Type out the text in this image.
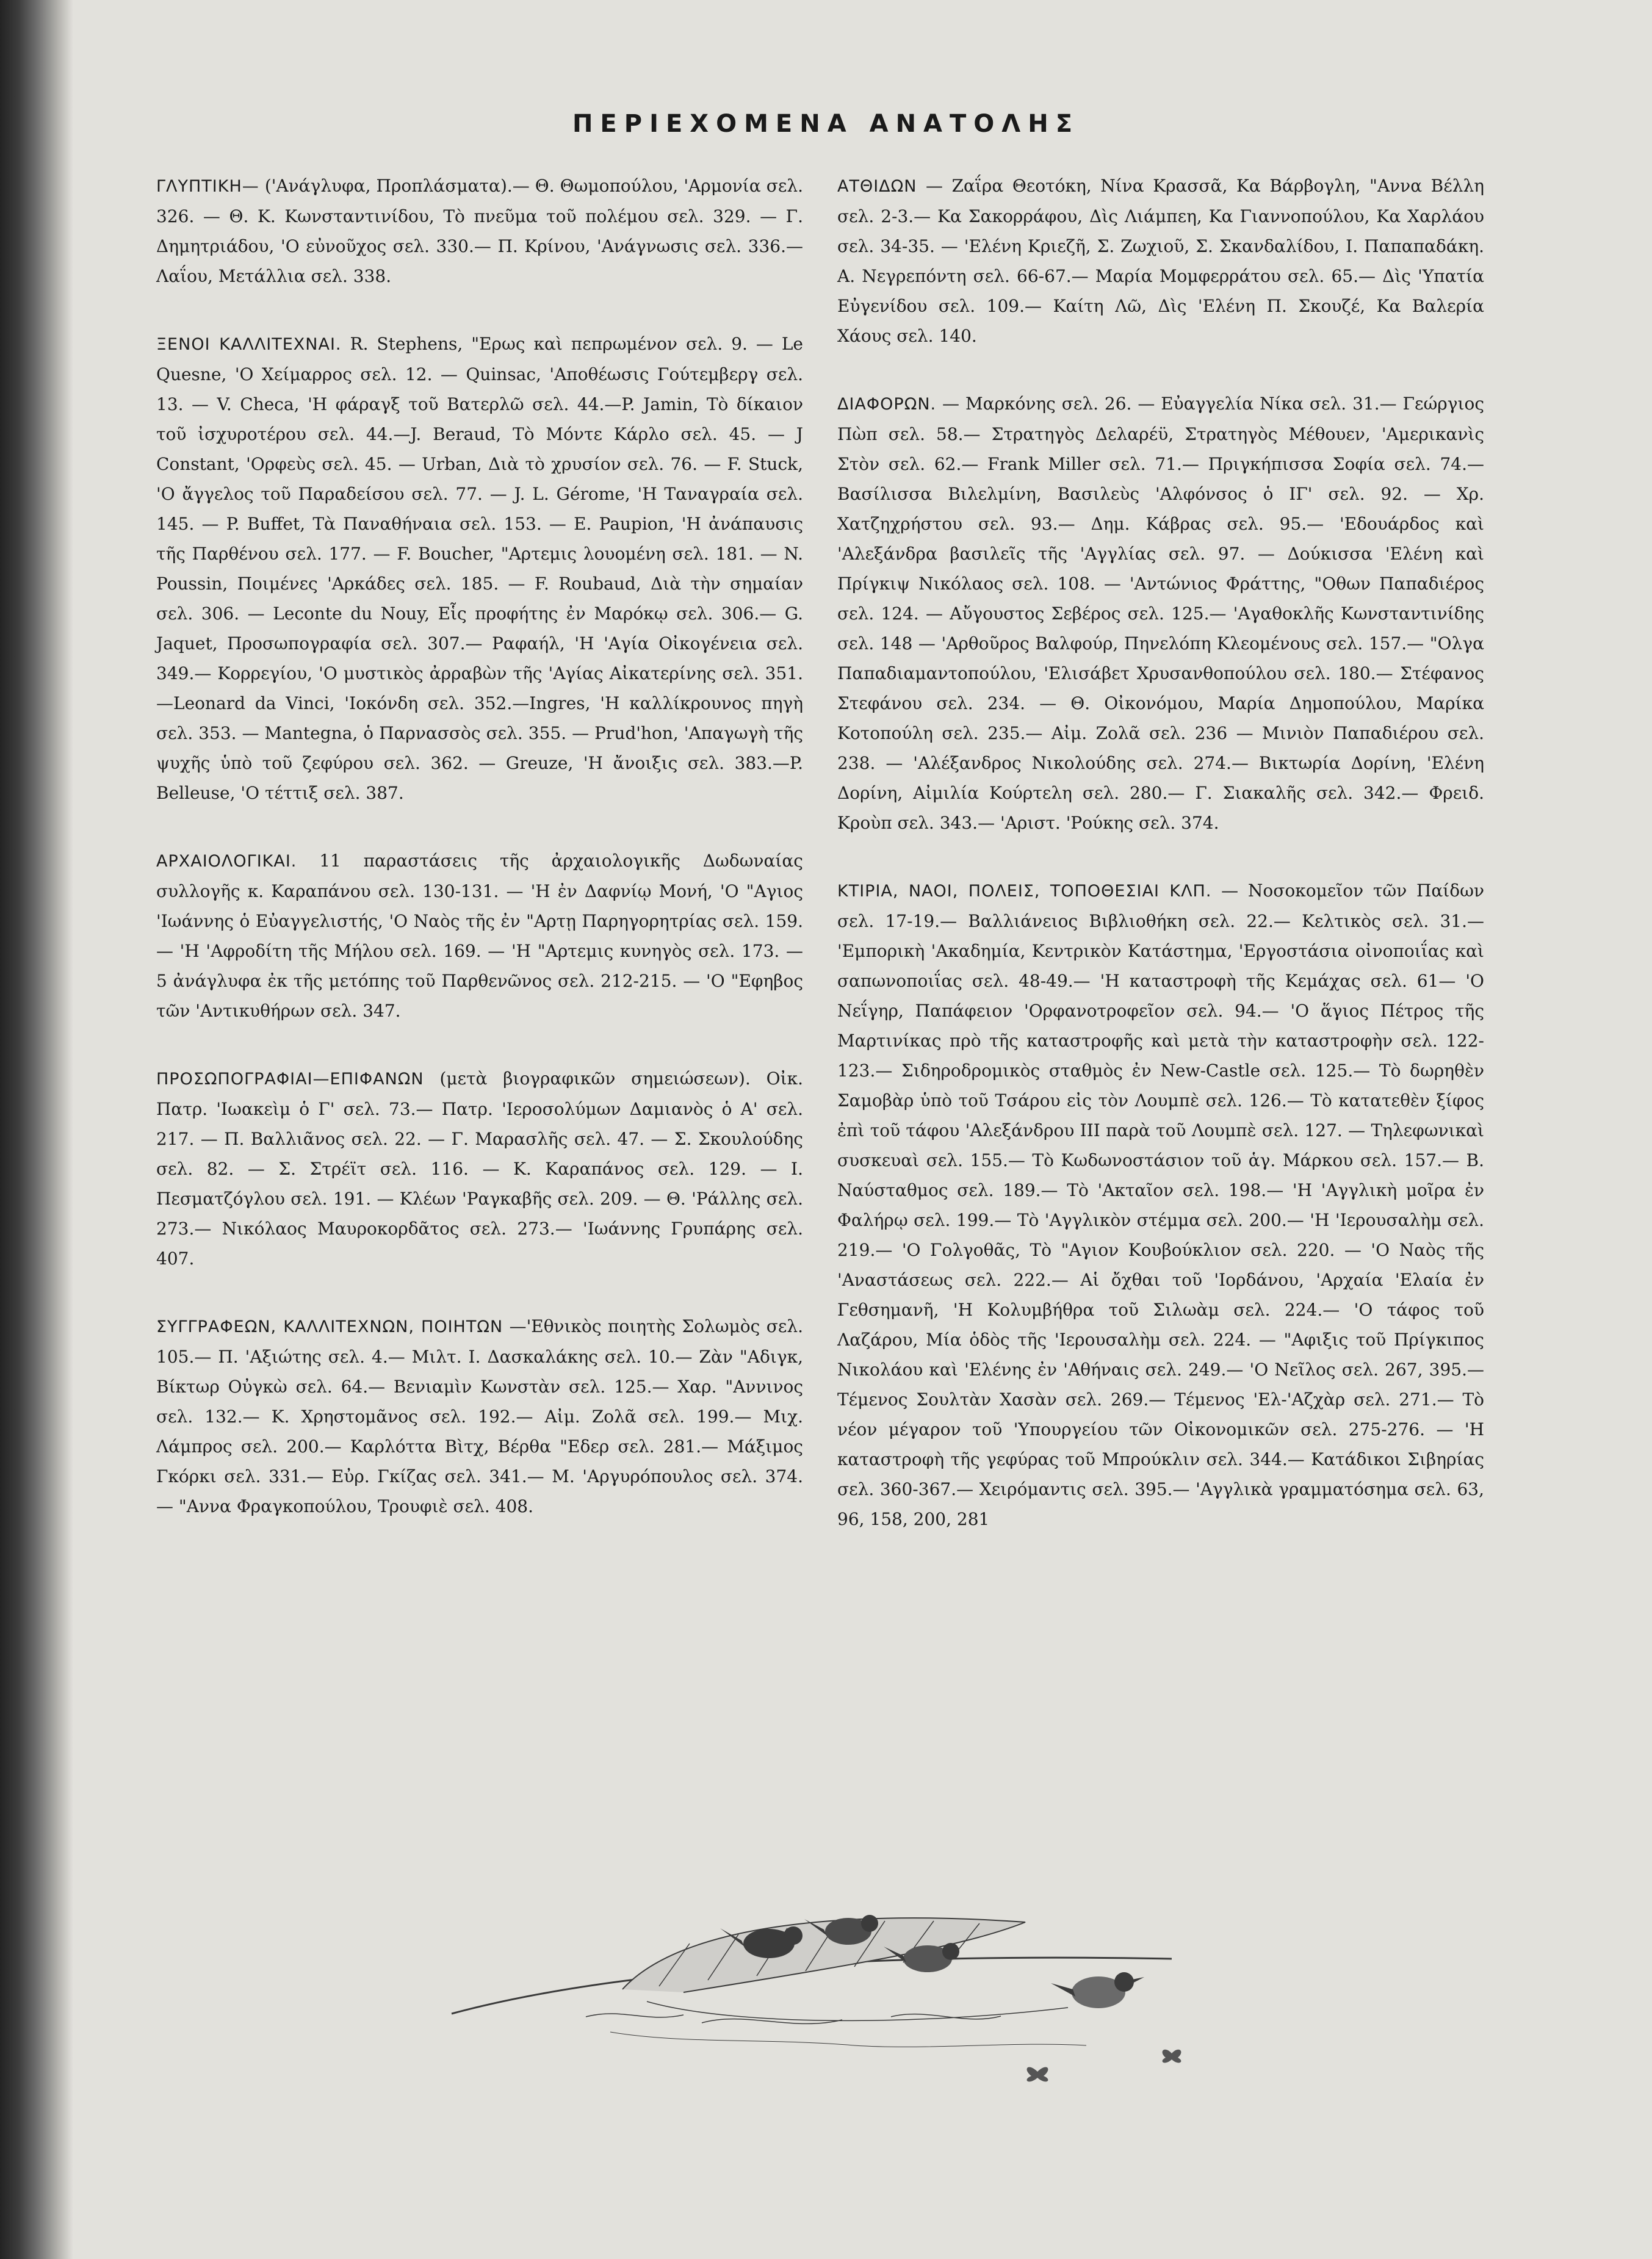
ΠΕΡΙΕΧΟΜΕΝΑ ΑΝΑΤΟΛΗΣ

ΓΛΥΠΤΙΚΗ— ('Ανάγλυφα, Προπλάσματα).— Θ. Θωμοπούλου, 'Αρμονία σελ. 326. — Θ. Κ. Κωνσταντινίδου, Τὸ πνεῦμα τοῦ πολέμου σελ. 329. — Γ. Δημητριάδου, 'Ο εὐνοῦχος σελ. 330.— Π. Κρίνου, 'Ανάγνωσις σελ. 336.—Λαΐου, Μετάλλια σελ. 338.

ΞΕΝΟΙ ΚΑΛΛΙΤΕΧΝΑΙ. R. Stephens, "Ερως καὶ πεπρωμένον σελ. 9. — Le Quesne, 'Ο Χείμαρρος σελ. 12. — Quinsac, 'Αποθέωσις Γούτεμβεργ σελ. 13. — V. Checa, 'Η φάραγξ τοῦ Βατερλῶ σελ. 44.—P. Jamin, Τὸ δίκαιον τοῦ ἰσχυροτέρου σελ. 44.—J. Beraud, Τὸ Μόντε Κάρλο σελ. 45. — J Constant, 'Ορφεὺς σελ. 45. — Urban, Διὰ τὸ χρυσίον σελ. 76. — F. Stuck, 'Ο ἄγγελος τοῦ Παραδείσου σελ. 77. — J. L. Gérome, 'Η Ταναγραία σελ. 145. — P. Buffet, Τὰ Παναθήναια σελ. 153. — E. Paupion, 'Η ἀνάπαυσις τῆς Παρθένου σελ. 177. — F. Boucher, "Αρτεμις λουομένη σελ. 181. — N. Poussin, Ποιμένες 'Αρκάδες σελ. 185. — F. Roubaud, Διὰ τὴν σημαίαν σελ. 306. — Leconte du Nouy, Εἷς προφήτης ἐν Μαρόκῳ σελ. 306.— G. Jaquet, Προσωπογραφία σελ. 307.— Ραφαήλ, 'Η 'Αγία Οἰκογένεια σελ. 349.— Κορρεγίου, 'Ο μυστικὸς ἀρραβὼν τῆς 'Αγίας Αἰκατερίνης σελ. 351.—Leonard da Vinci, 'Ιοκόνδη σελ. 352.—Ingres, 'Η καλλίκρουνος πηγὴ σελ. 353. — Mantegna, ὁ Παρνασσὸς σελ. 355. — Prud'hon, 'Απαγωγὴ τῆς ψυχῆς ὑπὸ τοῦ ζεφύρου σελ. 362. — Greuze, 'Η ἄνοιξις σελ. 383.—P. Belleuse, 'Ο τέττιξ σελ. 387.

ΑΡΧΑΙΟΛΟΓΙΚΑΙ. 11 παραστάσεις τῆς ἀρχαιολογικῆς Δωδωναίας συλλογῆς κ. Καραπάνου σελ. 130-131. — 'Η ἐν Δαφνίῳ Μονή, 'Ο "Αγιος 'Ιωάννης ὁ Εὐαγγελιστής, 'Ο Ναὸς τῆς ἐν "Αρτῃ Παρηγορητρίας σελ. 159. — 'Η 'Αφροδίτη τῆς Μήλου σελ. 169. — 'Η "Αρτεμις κυνηγὸς σελ. 173. — 5 ἀνάγλυφα ἐκ τῆς μετόπης τοῦ Παρθενῶνος σελ. 212-215. — 'Ο "Εφηβος τῶν 'Αντικυθήρων σελ. 347.

ΠΡΟΣΩΠΟΓΡΑΦΙΑΙ—ΕΠΙΦΑΝΩΝ (μετὰ βιογραφικῶν σημειώσεων). Οἰκ. Πατρ. 'Ιωακεὶμ ὁ Γ' σελ. 73.— Πατρ. 'Ιεροσολύμων Δαμιανὸς ὁ Α' σελ. 217. — Π. Βαλλιᾶνος σελ. 22. — Γ. Μαρασλῆς σελ. 47. — Σ. Σκουλούδης σελ. 82. — Σ. Στρέϊτ σελ. 116. — Κ. Καραπάνος σελ. 129. — Ι. Πεσματζόγλου σελ. 191. — Κλέων 'Ραγκαβῆς σελ. 209. — Θ. 'Ράλλης σελ. 273.— Νικόλαος Μαυροκορδᾶτος σελ. 273.— 'Ιωάννης Γρυπάρης σελ. 407.

ΣΥΓΓΡΑΦΕΩΝ, ΚΑΛΛΙΤΕΧΝΩΝ, ΠΟΙΗΤΩΝ —'Εθνικὸς ποιητὴς Σολωμὸς σελ. 105.— Π. 'Αξιώτης σελ. 4.— Μιλτ. Ι. Δασκαλάκης σελ. 10.— Ζὰν "Αδιγκ, Βίκτωρ Οὐγκὼ σελ. 64.— Βενιαμὶν Κωνστὰν σελ. 125.— Χαρ. "Αννινος σελ. 132.— Κ. Χρηστομᾶνος σελ. 192.— Αἰμ. Ζολᾶ σελ. 199.— Μιχ. Λάμπρος σελ. 200.— Καρλόττα Βὶτχ, Βέρθα "Εδερ σελ. 281.— Μάξιμος Γκόρκι σελ. 331.— Εὐρ. Γκίζας σελ. 341.— Μ. 'Αργυρόπουλος σελ. 374. — "Αννα Φραγκοπούλου, Τρουφιὲ σελ. 408.

ΑΤΘΙΔΩΝ — Ζαΐρα Θεοτόκη, Νίνα Κρασσᾶ, Κα Βάρβογλη, "Αννα Βέλλη σελ. 2-3.— Κα Σακορράφου, Δὶς Λιάμπεη, Κα Γιαννοπούλου, Κα Χαρλάου σελ. 34-35. — 'Ελένη Κριεζῆ, Σ. Ζωχιοῦ, Σ. Σκανδαλίδου, Ι. Παπαπαδάκη. Α. Νεγρεπόντη σελ. 66-67.— Μαρία Μομφερράτου σελ. 65.— Δὶς 'Υπατία Εὐγενίδου σελ. 109.— Καίτη Λῶ, Δὶς 'Ελένη Π. Σκουζέ, Κα Βαλερία Χάους σελ. 140.

ΔΙΑΦΟΡΩΝ. — Μαρκόνης σελ. 26. — Εὐαγγελία Νίκα σελ. 31.— Γεώργιος Πὼπ σελ. 58.— Στρατηγὸς Δελαρέϋ, Στρατηγὸς Μέθουεν, 'Αμερικανὶς Στὸν σελ. 62.— Frank Miller σελ. 71.— Πριγκήπισσα Σοφία σελ. 74.— Βασίλισσα Βιλελμίνη, Βασιλεὺς 'Αλφόνσος ὁ ΙΓ' σελ. 92. — Χρ. Χατζηχρήστου σελ. 93.— Δημ. Κάβρας σελ. 95.— 'Εδουάρδος καὶ 'Αλεξάνδρα βασιλεῖς τῆς 'Αγγλίας σελ. 97. — Δούκισσα 'Ελένη καὶ Πρίγκιψ Νικόλαος σελ. 108. — 'Αντώνιος Φράττης, "Οθων Παπαδιέρος σελ. 124. — Αὔγουστος Σεβέρος σελ. 125.— 'Αγαθοκλῆς Κωνσταντινίδης σελ. 148 — 'Αρθοῦρος Βαλφούρ, Πηνελόπη Κλεομένους σελ. 157.— "Ολγα Παπαδιαμαντοπούλου, 'Ελισάβετ Χρυσανθοπούλου σελ. 180.— Στέφανος Στεφάνου σελ. 234. — Θ. Οἰκονόμου, Μαρία Δημοπούλου, Μαρίκα Κοτοπούλη σελ. 235.— Αἰμ. Ζολᾶ σελ. 236 — Μινιὸν Παπαδιέρου σελ. 238. — 'Αλέξανδρος Νικολούδης σελ. 274.— Βικτωρία Δορίνη, 'Ελένη Δορίνη, Αἰμιλία Κούρτελη σελ. 280.— Γ. Σιακαλῆς σελ. 342.— Φρειδ. Κροὺπ σελ. 343.— 'Αριστ. 'Ρούκης σελ. 374.

ΚΤΙΡΙΑ, ΝΑΟΙ, ΠΟΛΕΙΣ, ΤΟΠΟΘΕΣΙΑΙ ΚΛΠ. — Νοσοκομεῖον τῶν Παίδων σελ. 17-19.— Βαλλιάνειος Βιβλιοθήκη σελ. 22.— Κελτικὸς σελ. 31.— 'Εμπορικὴ 'Ακαδημία, Κεντρικὸν Κατάστημα, 'Εργοστάσια οἰνοποιΐας καὶ σαπωνοποιΐας σελ. 48-49.— 'Η καταστροφὴ τῆς Κεμάχας σελ. 61— 'Ο Νεΐγηρ, Παπάφειον 'Ορφανοτροφεῖον σελ. 94.— 'Ο ἅγιος Πέτρος τῆς Μαρτινίκας πρὸ τῆς καταστροφῆς καὶ μετὰ τὴν καταστροφὴν σελ. 122-123.— Σιδηροδρομικὸς σταθμὸς ἐν New-Castle σελ. 125.— Τὸ δωρηθὲν Σαμοβὰρ ὑπὸ τοῦ Τσάρου εἰς τὸν Λουμπὲ σελ. 126.— Τὸ κατατεθὲν ξίφος ἐπὶ τοῦ τάφου 'Αλεξάνδρου ΙΙΙ παρὰ τοῦ Λουμπὲ σελ. 127. — Τηλεφωνικαὶ συσκευαὶ σελ. 155.— Τὸ Κωδωνοστάσιον τοῦ ἁγ. Μάρκου σελ. 157.— Β. Ναύσταθμος σελ. 189.— Τὸ 'Ακταῖον σελ. 198.— 'Η 'Αγγλικὴ μοῖρα ἐν Φαλήρῳ σελ. 199.— Τὸ 'Αγγλικὸν στέμμα σελ. 200.— 'Η 'Ιερουσαλὴμ σελ. 219.— 'Ο Γολγοθᾶς, Τὸ "Αγιον Κουβούκλιον σελ. 220. — 'Ο Ναὸς τῆς 'Αναστάσεως σελ. 222.— Αἱ ὄχθαι τοῦ 'Ιορδάνου, 'Αρχαία 'Ελαία ἐν Γεθσημανῆ, 'Η Κολυμβήθρα τοῦ Σιλωὰμ σελ. 224.— 'Ο τάφος τοῦ Λαζάρου, Μία ὁδὸς τῆς 'Ιερουσαλὴμ σελ. 224. — "Αφιξις τοῦ Πρίγκιπος Νικολάου καὶ 'Ελένης ἐν 'Αθήναις σελ. 249.— 'Ο Νεῖλος σελ. 267, 395.— Τέμενος Σουλτὰν Χασὰν σελ. 269.— Τέμενος 'Ελ-'Αζχὰρ σελ. 271.— Τὸ νέον μέγαρον τοῦ 'Υπουργείου τῶν Οἰκονομικῶν σελ. 275-276. — 'Η καταστροφὴ τῆς γεφύρας τοῦ Μπρούκλιν σελ. 344.— Κατάδικοι Σιβηρίας σελ. 360-367.— Χειρόμαντις σελ. 395.— 'Αγγλικὰ γραμματόσημα σελ. 63, 96, 158, 200, 281
